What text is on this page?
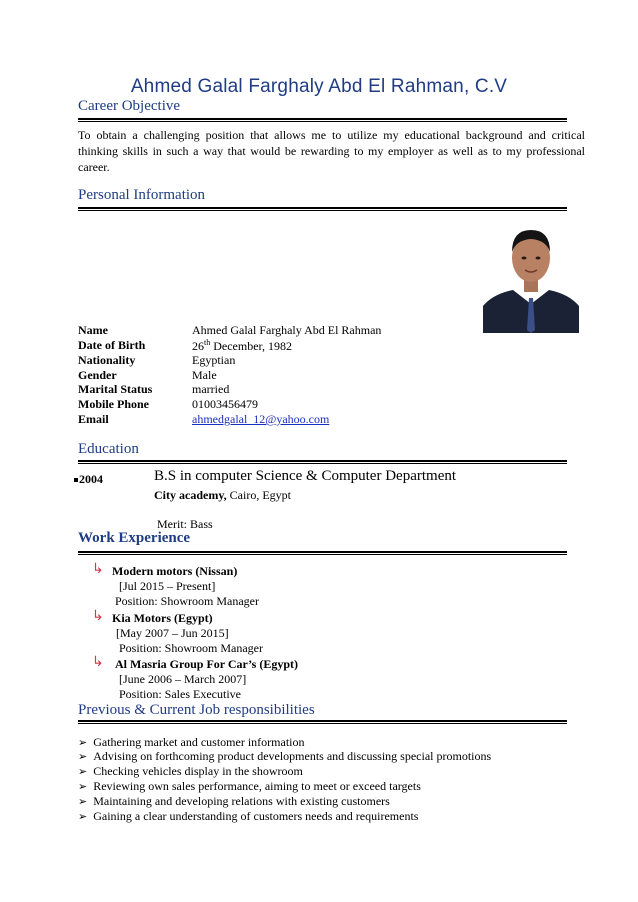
Ahmed Galal Farghaly Abd El Rahman, C.V
Career Objective
To obtain a challenging position that allows me to utilize my educational background and critical thinking skills in such a way that would be rewarding to my employer as well as to my professional career.
Personal Information
Name	Ahmed Galal Farghaly Abd El Rahman
Date of Birth	26th December, 1982
Nationality	Egyptian
Gender	Male
Marital Status	married
Mobile Phone	01003456479
Email	ahmedgalal_12@yahoo.com
Education
2004	B.S in computer Science & Computer Department
City academy, Cairo, Egypt
Merit: Bass
Work Experience
↳ Modern motors (Nissan)
[Jul 2015 – Present]
Position: Showroom Manager
↳ Kia Motors (Egypt)
[May 2007 – Jun 2015]
Position: Showroom Manager
↳ Al Masria Group For Car’s (Egypt)
[June 2006 – March 2007]
Position: Sales Executive
Previous & Current Job responsibilities
➢ Gathering market and customer information
➢ Advising on forthcoming product developments and discussing special promotions
➢ Checking vehicles display in the showroom
➢ Reviewing own sales performance, aiming to meet or exceed targets
➢ Maintaining and developing relations with existing customers
➢ Gaining a clear understanding of customers needs and requirements
